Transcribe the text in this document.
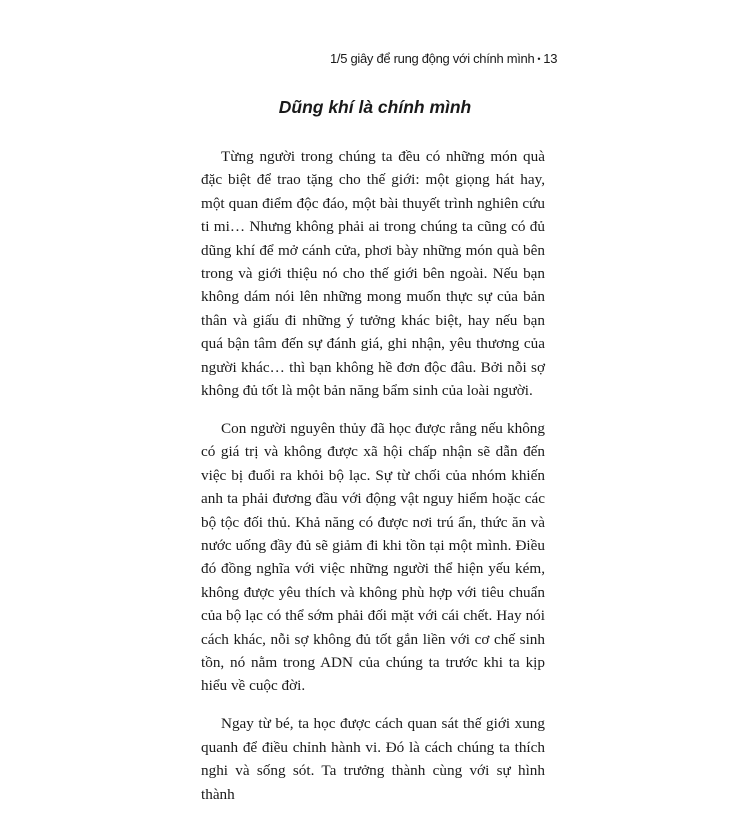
1/5 giây để rung động với chính mình • 13
Dũng khí là chính mình

Từng người trong chúng ta đều có những món quà đặc biệt để trao tặng cho thế giới: một giọng hát hay, một quan điểm độc đáo, một bài thuyết trình nghiên cứu ti mi… Nhưng không phải ai trong chúng ta cũng có đủ dũng khí để mở cánh cửa, phơi bày những món quà bên trong và giới thiệu nó cho thế giới bên ngoài. Nếu bạn không dám nói lên những mong muốn thực sự của bản thân và giấu đi những ý tưởng khác biệt, hay nếu bạn quá bận tâm đến sự đánh giá, ghi nhận, yêu thương của người khác… thì bạn không hề đơn độc đâu. Bởi nỗi sợ không đủ tốt là một bản năng bẩm sinh của loài người.

Con người nguyên thủy đã học được rằng nếu không có giá trị và không được xã hội chấp nhận sẽ dẫn đến việc bị đuổi ra khỏi bộ lạc. Sự từ chối của nhóm khiến anh ta phải đương đầu với động vật nguy hiểm hoặc các bộ tộc đối thủ. Khả năng có được nơi trú ẩn, thức ăn và nước uống đầy đủ sẽ giảm đi khi tồn tại một mình. Điều đó đồng nghĩa với việc những người thể hiện yếu kém, không được yêu thích và không phù hợp với tiêu chuẩn của bộ lạc có thể sớm phải đối mặt với cái chết. Hay nói cách khác, nỗi sợ không đủ tốt gắn liền với cơ chế sinh tồn, nó nằm trong ADN của chúng ta trước khi ta kịp hiểu về cuộc đời.

Ngay từ bé, ta học được cách quan sát thế giới xung quanh để điều chỉnh hành vi. Đó là cách chúng ta thích nghi và sống sót. Ta trưởng thành cùng với sự hình thành
